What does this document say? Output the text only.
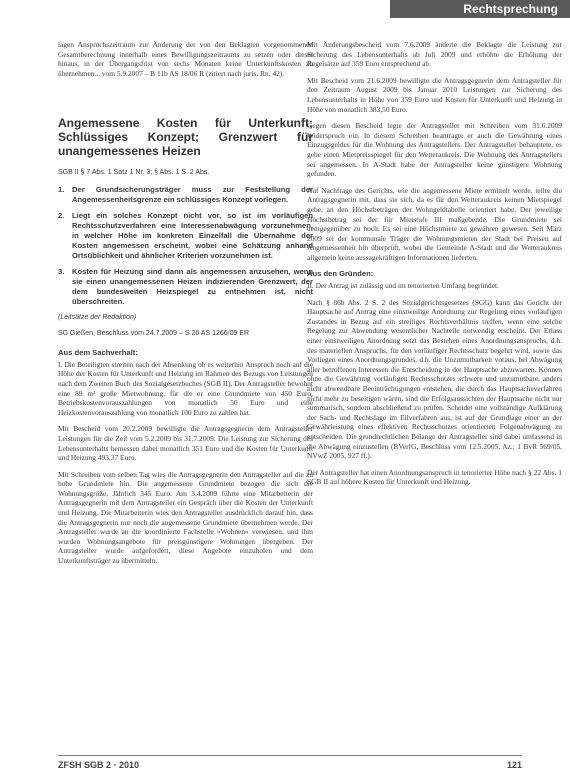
Rechtsprechung

lagen Anspruchszeitraum zur Änderung der von den Beklagten vorgenommenen Gesamtberechnung innerhalb eines Bewilligungszeitraums zu setzen oder dieser hinaus, in der Übergangsfrist von sechs Monaten keine Unterkunftskosten zu übernehmen... vom 5.9.2007 – B 11b AS 18/06 R (zitiert nach juris, Rn. 42).

Angemessene Kosten für Unterkunft; Schlüssiges Konzept; Grenzwert für unangemessenes Heizen
SGB II § 7 Abs. 1 Satz 1 Nr. 3; § Abs. 1 S. 2 Abs.
1. Der Grundsicherungsträger muss zur Feststellung der Angemessenheitsgrenze ein schlüssiges Konzept vorlegen.
2. Liegt ein solches Konzept nicht vor, so ist im vorläufigen Rechtsschutzverfahren eine Interessenabwägung vorzunehmen, in welcher Höhe im konkreten Einzelfall die Übernahme der Kosten angemessen erscheint, wobei eine Schätzung anhand Ortsüblichkeit und ähnlicher Kriterien vorzunehmen ist.
3. Kosten für Heizung sind dann als angemessen anzusehen, wenn sie einen unangemessenen Heizen indizierenden Grenzwert, der dem bundesweiten Heizspiegel zu entnehmen ist, nicht überschreiten.

(Leitsätze der Redaktion)

SG Gießen, Beschluss vom 24.7.2009 – S 26 AS 1266/09 ER

Aus dem Sachverhalt:

I. Die Beteiligten streiten nach der Absenkung ob es weiterhin Anspruch noch auf die Höhe der Kosten für Unterkunft und Heizung im Rahmen des Bezugs von Leistungen nach dem Zweiten Buch des Sozialgesetzbuches (SGB II). Der Antragsteller bewohnt eine 89 m² große Mietwohnung, für die er eine Grundmiete von 450 Euro, Betriebskostenvorauszahlungen von monatlich 50 Euro und eine Heizkostenvorauszahlung von monatlich 100 Euro zu zahlen hat.

Mit Bescheid vom 20.2.2009 bewilligte die Antragsgegnerin dem Antragsteller Leistungen für die Zeit vom 5.2.2009 bis 31.7.2009. Die Leistung zur Sicherung des Lebensunterhalts bemessen dabei monatlich 351 Euro und die Kosten für Unterkunft und Heizung 493,37 Euro.

Mit Schreiben vom selben Tag wies die Antragsgegnerin den Antragsteller auf die zu hohe Grundmiete hin. Die angemessene Grundmiete bezogen die sich die Wohnungsgröße, Jährlich 345 Euro. Am 3.4.2009 führte eine Mitarbeiterin der Antragsgegnerin mit dem Antragsteller ein Gespräch über die Kosten der Unterkunft und Heizung. Die Mitarbeiterin wies den Antragsteller ausdrücklich darauf hin, dass die Antragsgegnerin nur noch die angemessene Grundmiete übernehmen werde. Der Antragsteller wurde an die koordinierte Fachstelle »Wohnen« verwiesen, und ihm wurden Wohnungsangebote für preisgünstigere Wohnungen übergeben. Der Antragsteller wurde aufgefordert, diese Angebote einzuholen und dem Unterkunftsträger zu übermitteln.

Mit Änderungsbescheid vom 7.6.2009 änderte die Beklagte die Leistung zur Sicherung des Lebensunterhalts ab Juli 2009 und erhöhte die Erhöhung der Regelsätze auf 359 Euro entsprechend ab.

Mit Bescheid vom 21.6.2009 bewilligte die Antragsgegnerin dem Antragsteller für den Zeitraum August 2009 bis Januar 2010 Leistungen zur Sicherung des Lebensunterhalts in Höhe von 359 Euro und Kosten für Unterkunft und Heizung in Höhe von monatlich 383,50 Euro.

Gegen diesen Bescheid legte der Antragsteller mit Schreiben vom 31.6.2009 Widerspruch ein. In diesem Schreiben beantragte er auch die Gewährung eines Einzugsgeldes für die Wohnung des Antragstellers. Der Antragsteller behauptete, es gebe einen Mietpreisspiegel für den Wetteraukreis. Die Wohnung des Antragstellers sei angemessen. In A-Stadt habe der Antragsteller keine günstigere Wohnung gefunden.

Auf Nachfrage des Gerichts, wie die angemessene Miete ermittelt werde, teilte die Antragsgegnerin mit, dass sie sich, da es für den Wetteraukreis keinen Mietspiegel gebe, an den Höchstbeträgen der Wohngeldtabelle orientiert habe. Der jeweilige Höchstbetrag sei der für Mietstufe III maßgebende. Die Grundmiete sei demgegenüber zu hoch. Es sei eine Höchstmiete zu gewähren gewesen. Seit März 2009 sei der kommunale Träger die Wohnungsmieten der Stadt bei Preisen auf Angemessenheit hin überprüft, wobei die Gemeinde A-Stadt und die Wetteraukreis allgemein keine aussagekräftigen Informationen lieferten.

Aus den Gründen:

II. Der Antrag ist zulässig und im tenorierten Umfang begründet.

Nach § 86b Abs. 2 S. 2 des Sozialgerichtsgesetzes (SGG) kann das Gericht der Hauptsache auf Antrag eine einstweilige Anordnung zur Regelung eines vorläufigen Zustandes in Bezug auf ein streitiges Rechtsverhältnis treffen, wenn eine solche Regelung zur Abwendung wesentlicher Nachteile notwendig erscheint. Der Erlass einer einstweiligen Anordnung setzt das Bestehen eines Anordnungsanspruchs, d.h. des materiellen Anspruchs, für den vorläufiger Rechtsschutz begehrt wird, sowie das Vorliegen eines Anordnungsgrundes, d.h. die Unzumutbarkeit voraus, bei Abwägung aller betroffenen Interessen die Entscheidung in der Hauptsache abzuwarten. Können ohne die Gewährung vorläufigen Rechtsschutzes schwere und unzumutbare, anders nicht abwendbare Beeinträchtigungen entstehen, die durch das Hauptsacheverfahren nicht mehr zu beseitigen wären, sind die Erfolgsaussichten der Hauptsache nicht nur summarisch, sondern abschließend zu prüfen. Scheidet eine vollständige Aufklärung der Sach- und Rechtslage im Eilverfahren aus, ist auf der Grundlage einer an der Gewährleistung eines effektiven Rechtsschutzes orientierten Folgenabwägung zu entscheiden. Die grundrechtlichen Belange der Antragsteller sind dabei umfassend in die Abwägung einzustellen (BVerfG, Beschluss vom 12.5.2005, Az.: 1 BvR 569/05, NVwZ 2005, 927 ff.).

Der Antragsteller hat einen Anordnungsanspruch in tenorierter Höhe nach § 22 Abs. 1 SGB II auf höhere Kosten für Unterkunft und Heizung.

ZFSH SGB 2 · 2010	121
